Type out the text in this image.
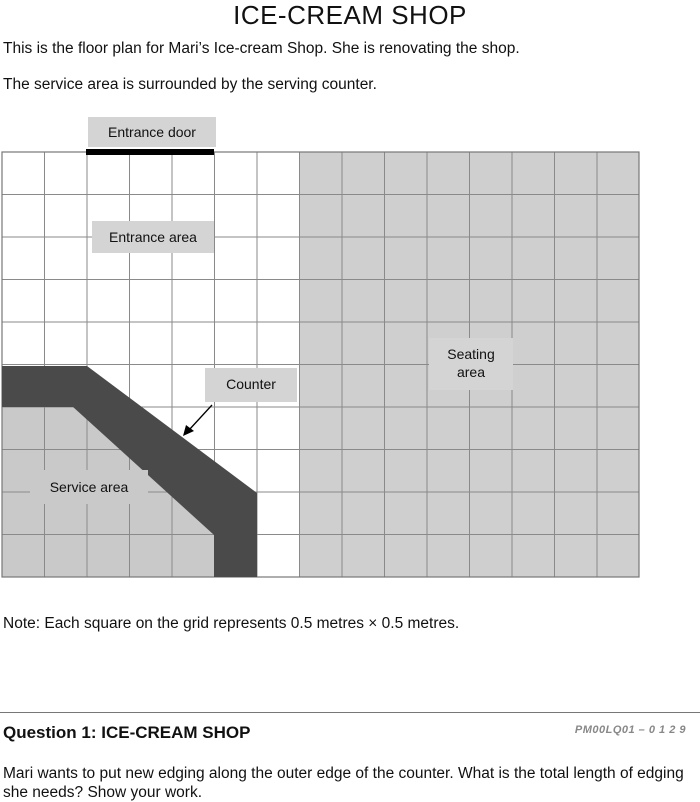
ICE-CREAM SHOP
This is the floor plan for Mari’s Ice-cream Shop. She is renovating the shop.
The service area is surrounded by the serving counter.
Entrance door
Entrance area
Counter
Seating
area
Service area
Note: Each square on the grid represents 0.5 metres × 0.5 metres.
Question 1: ICE-CREAM SHOP	PM00LQ01 – 0 1 2 9
Mari wants to put new edging along the outer edge of the counter. What is the total length of edging she needs? Show your work.
